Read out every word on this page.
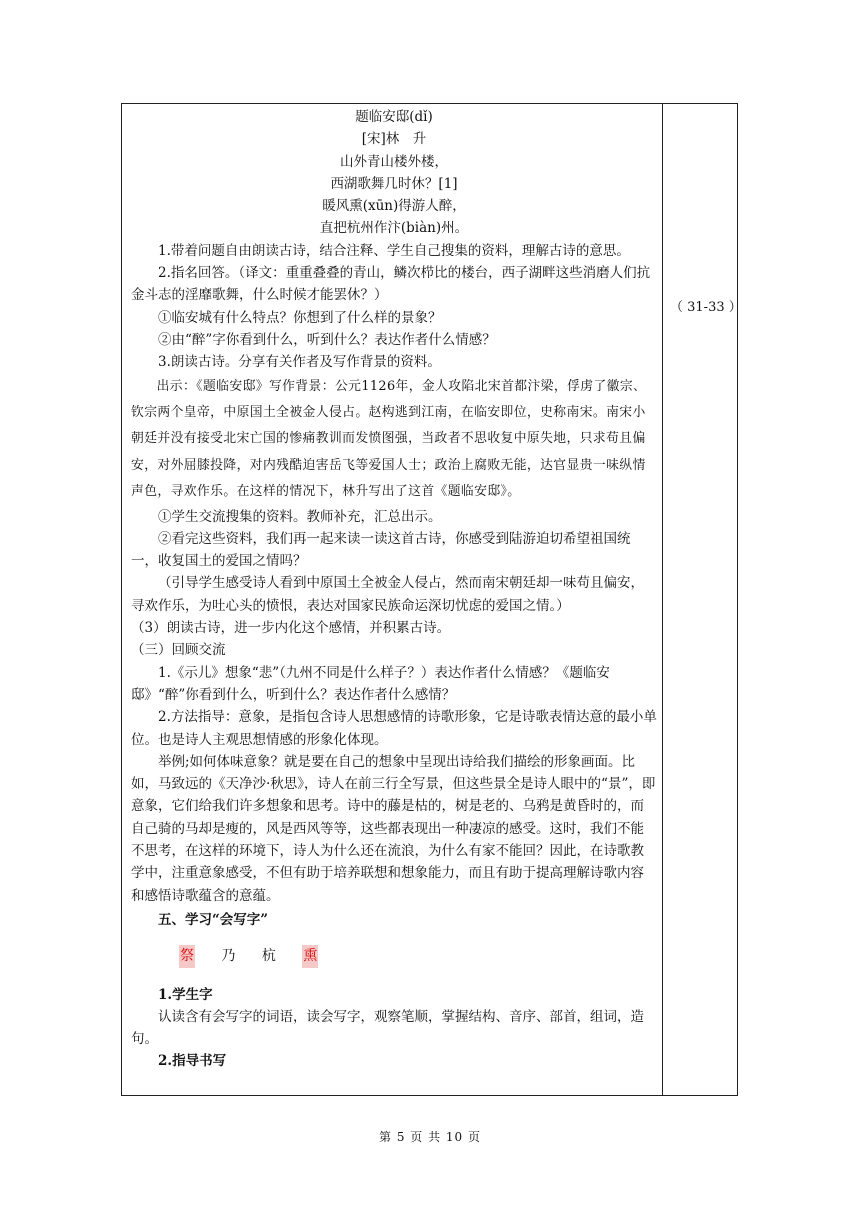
题临安邸(dǐ)

[宋]林　升

山外青山楼外楼，

西湖歌舞几时休？[1]

暖风熏(xūn)得游人醉，

直把杭州作汴(biàn)州。

1.带着问题自由朗读古诗，结合注释、学生自己搜集的资料，理解古诗的意思。

2.指名回答。（译文：重重叠叠的青山，鳞次栉比的楼台，西子湖畔这些消磨人们抗金斗志的淫靡歌舞，什么时候才能罢休？）

①临安城有什么特点？你想到了什么样的景象？

②由“醉”字你看到什么，听到什么？表达作者什么情感？

3.朗读古诗。分享有关作者及写作背景的资料。

出示：《题临安邸》写作背景：公元1126年，金人攻陷北宋首都汴梁，俘虏了徽宗、钦宗两个皇帝，中原国土全被金人侵占。赵构逃到江南，在临安即位，史称南宋。南宋小朝廷并没有接受北宋亡国的惨痛教训而发愤图强，当政者不思收复中原失地，只求苟且偏安，对外屈膝投降，对内残酷迫害岳飞等爱国人士；政治上腐败无能，达官显贵一味纵情声色，寻欢作乐。在这样的情况下，林升写出了这首《题临安邸》。

①学生交流搜集的资料。教师补充，汇总出示。

②看完这些资料，我们再一起来读一读这首古诗，你感受到陆游迫切希望祖国统一，收复国土的爱国之情吗？

（引导学生感受诗人看到中原国土全被金人侵占，然而南宋朝廷却一味苟且偏安，寻欢作乐，为吐心头的愤恨，表达对国家民族命运深切忧虑的爱国之情。）

（3）朗读古诗，进一步内化这个感情，并积累古诗。

（三）回顾交流

1.《示儿》想象“悲”（九州不同是什么样子？）表达作者什么情感？《题临安邸》“醉”你看到什么，听到什么？表达作者什么感情？

2.方法指导：意象，是指包含诗人思想感情的诗歌形象，它是诗歌表情达意的最小单位。也是诗人主观思想情感的形象化体现。

举例;如何体味意象？就是要在自己的想象中呈现出诗给我们描绘的形象画面。比如，马致远的《天净沙·秋思》，诗人在前三行全写景，但这些景全是诗人眼中的“景”，即意象，它们给我们许多想象和思考。诗中的藤是枯的，树是老的、乌鸦是黄昏时的，而自己骑的马却是瘦的，风是西风等等，这些都表现出一种凄凉的感受。这时，我们不能不思考，在这样的环境下，诗人为什么还在流浪，为什么有家不能回？因此，在诗歌教学中，注重意象感受，不但有助于培养联想和想象能力，而且有助于提高理解诗歌内容和感悟诗歌蕴含的意蕴。

五、学习“会写字”

祭 乃 杭 熏

1.学生字

认读含有会写字的词语，读会写字，观察笔顺，掌握结构、音序、部首，组词，造句。

2.指导书写

（ 31-33 ）
第 5 页 共 10 页
